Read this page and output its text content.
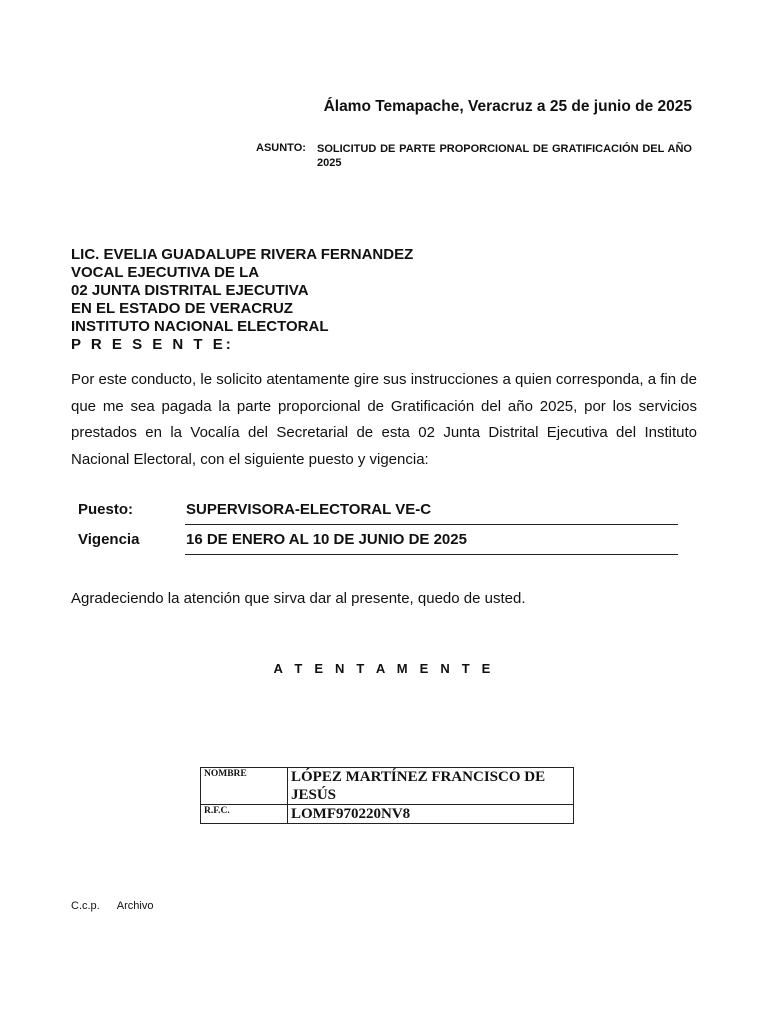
Álamo Temapache, Veracruz a 25 de junio de 2025
ASUNTO: SOLICITUD DE PARTE PROPORCIONAL DE GRATIFICACIÓN DEL AÑO 2025
LIC. EVELIA GUADALUPE RIVERA FERNANDEZ
VOCAL EJECUTIVA DE LA
02 JUNTA DISTRITAL EJECUTIVA
EN EL ESTADO DE VERACRUZ
INSTITUTO NACIONAL ELECTORAL
P R E S E N T E:
Por este conducto, le solicito atentamente gire sus instrucciones a quien corresponda, a fin de que me sea pagada la parte proporcional de Gratificación del año 2025, por los servicios prestados en la Vocalía del Secretarial de esta 02 Junta Distrital Ejecutiva del Instituto Nacional Electoral, con el siguiente puesto y vigencia:
Puesto:	SUPERVISORA-ELECTORAL VE-C
Vigencia	16 DE ENERO AL 10 DE JUNIO DE 2025
Agradeciendo la atención que sirva dar al presente, quedo de usted.
A T E N T A M E N T E
NOMBRE	LÓPEZ MARTÍNEZ FRANCISCO DE JESÚS
R.F.C.	LOMF970220NV8
C.c.p. Archivo
